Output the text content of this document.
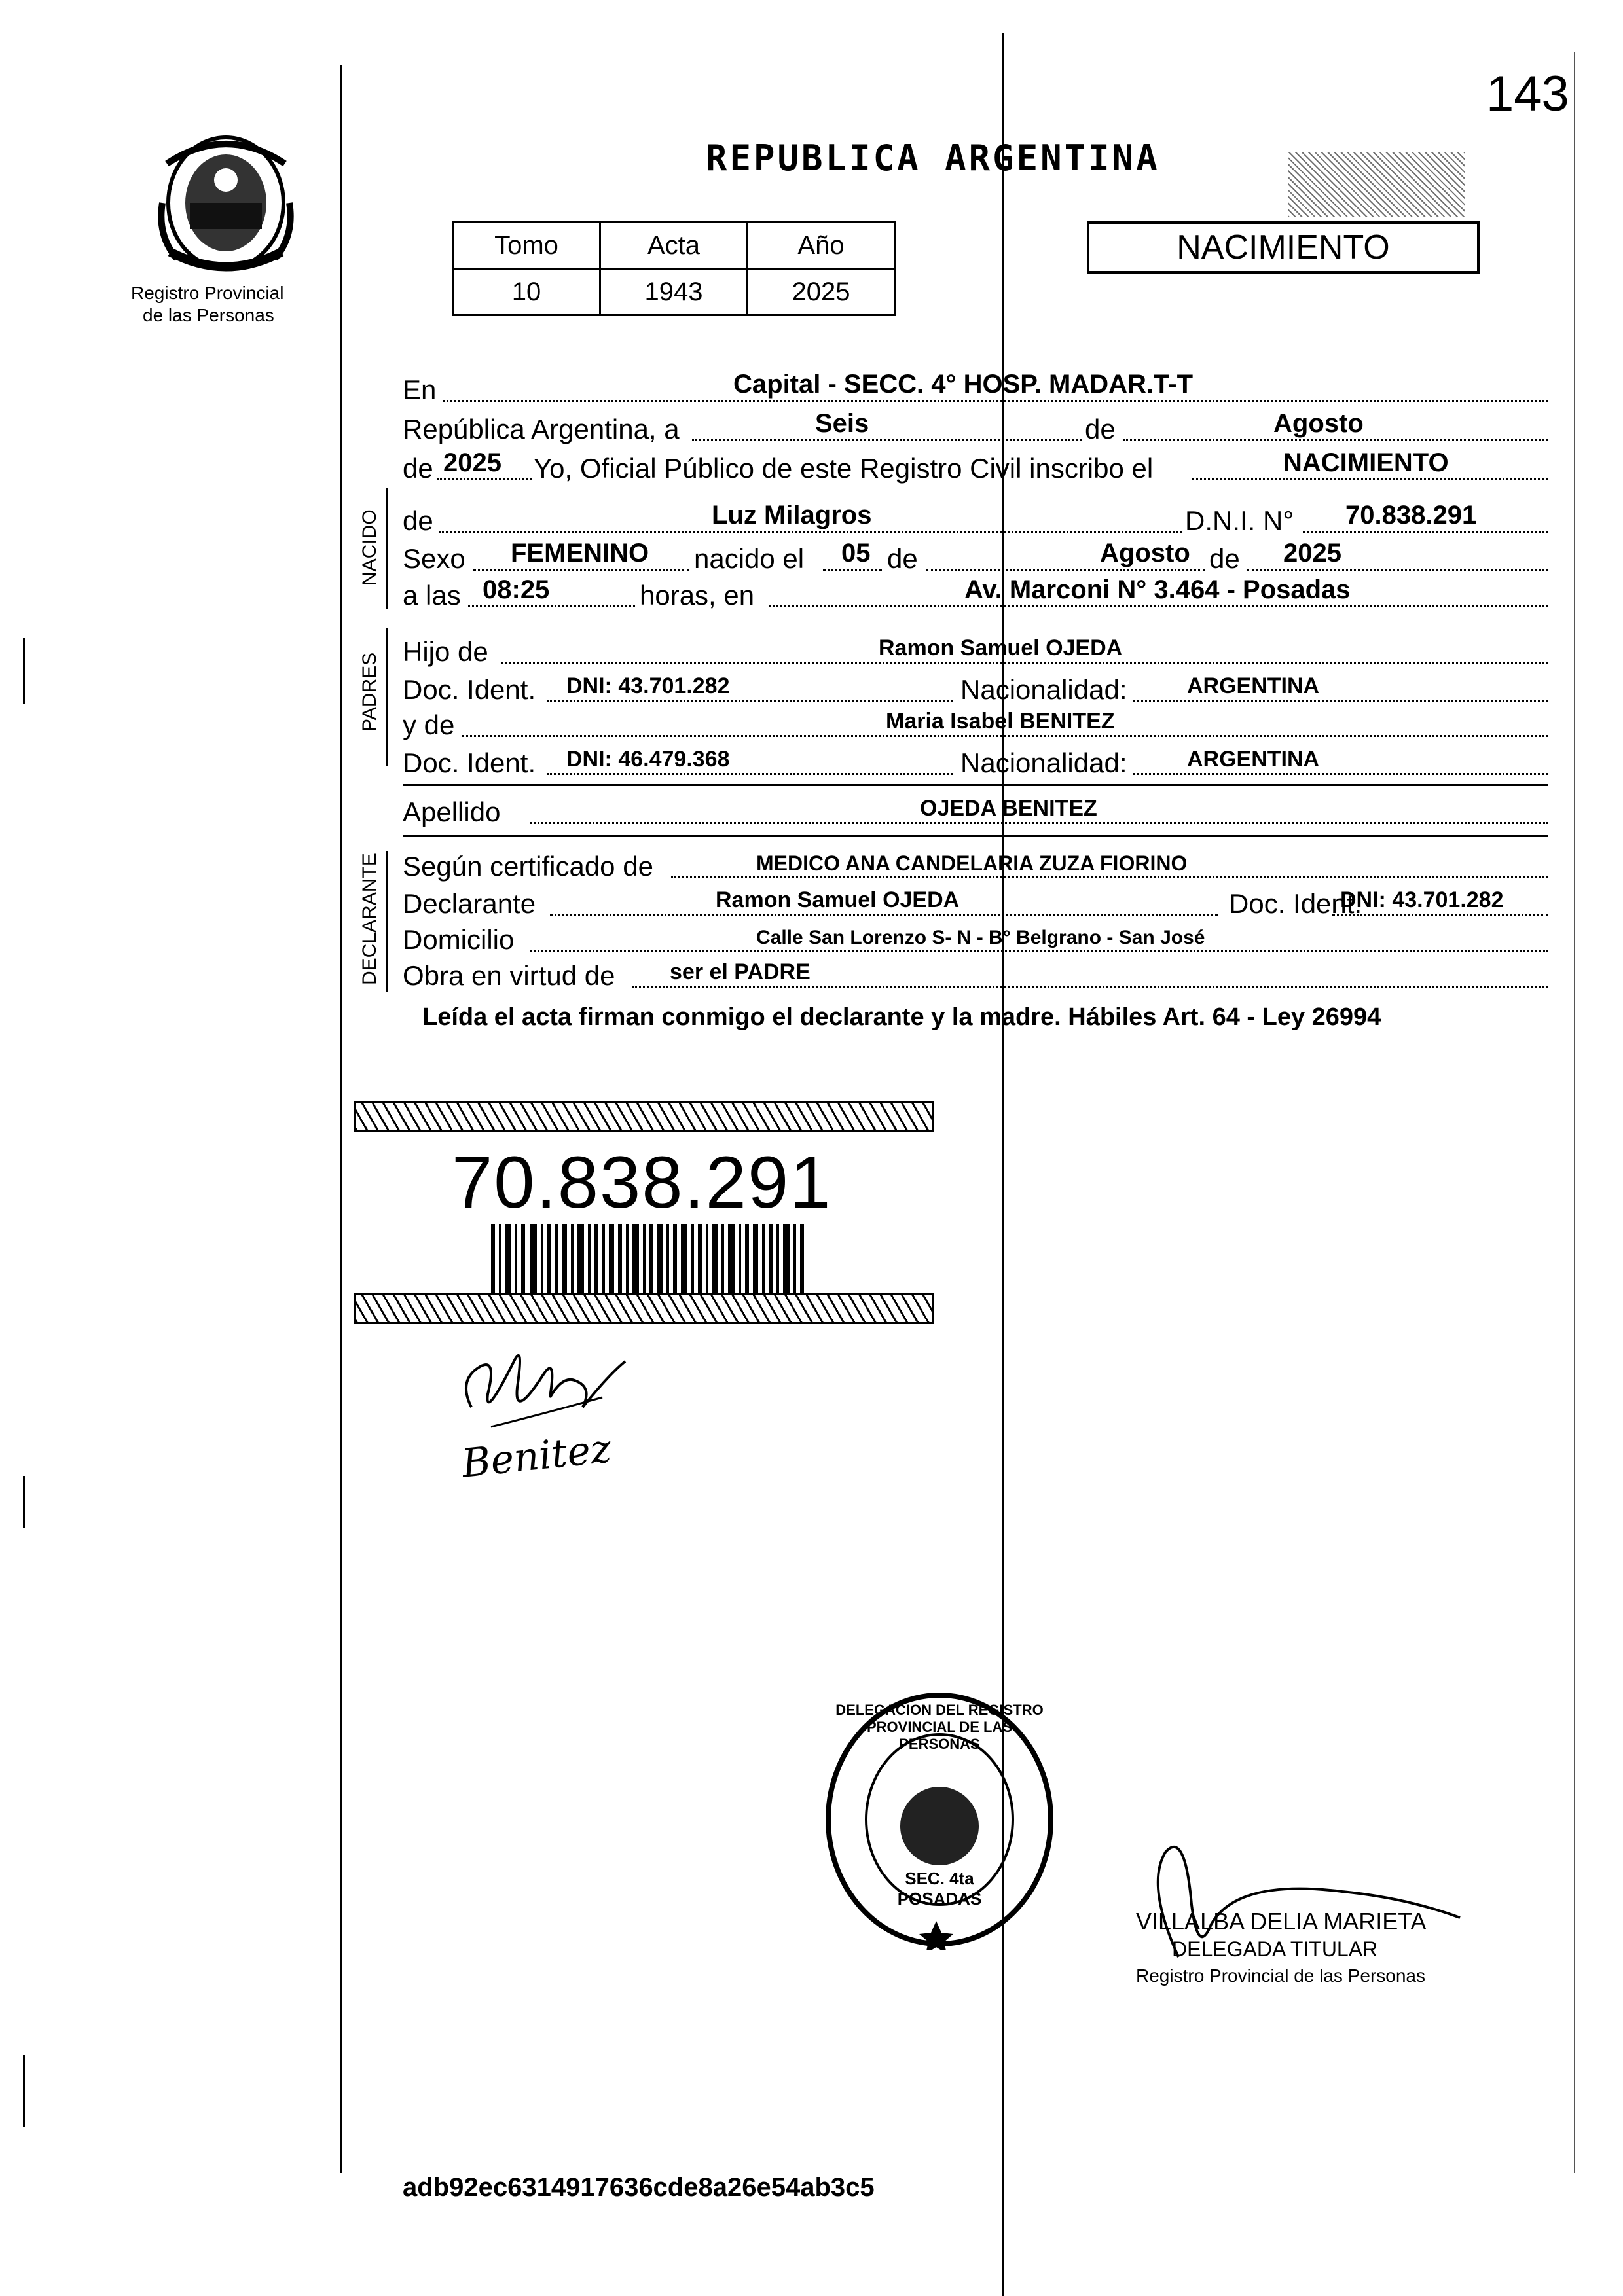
143
Registro Provincial
de las Personas
REPUBLICA ARGENTINA
Tomo	Acta	Año
10	1943	2025
NACIMIENTO
En	Capital - SECC. 4° HOSP. MADAR.T-T
República Argentina, a	Seis	de	Agosto
de 2025 Yo, Oficial Público de este Registro Civil inscribo el	NACIMIENTO
NACIDO de	Luz Milagros	D.N.I. N° 70.838.291
Sexo FEMENINO nacido el 05 de	Agosto de 2025
a las 08:25	horas, en	Av. Marconi N° 3.464 - Posadas
PADRES
Hijo de	Ramon Samuel OJEDA
Doc. Ident. DNI: 43.701.282	Nacionalidad:	ARGENTINA
y de	Maria Isabel BENITEZ
Doc. Ident. DNI: 46.479.368	Nacionalidad:	ARGENTINA
Apellido	OJEDA BENITEZ
DECLARANTE Según certificado de	MEDICO ANA CANDELARIA ZUZA FIORINO
Declarante	Ramon Samuel OJEDA	Doc. Ident.
DNI: 43.701.282
Domicilio	Calle San Lorenzo S- N - B° Belgrano - San José
Obra en virtud de ser el PADRE
Leída el acta firman conmigo el declarante y la madre. Hábiles Art. 64 - Ley 26994
70.838.291
Benitez
SEC. 4ta POSADAS
DELEGACION DEL REGISTRO PROVINCIAL DE LAS PERSONAS
VILLALBA DELIA MARIETA
DELEGADA TITULAR
Registro Provincial de las Personas
adb92ec6314917636cde8a26e54ab3c5
